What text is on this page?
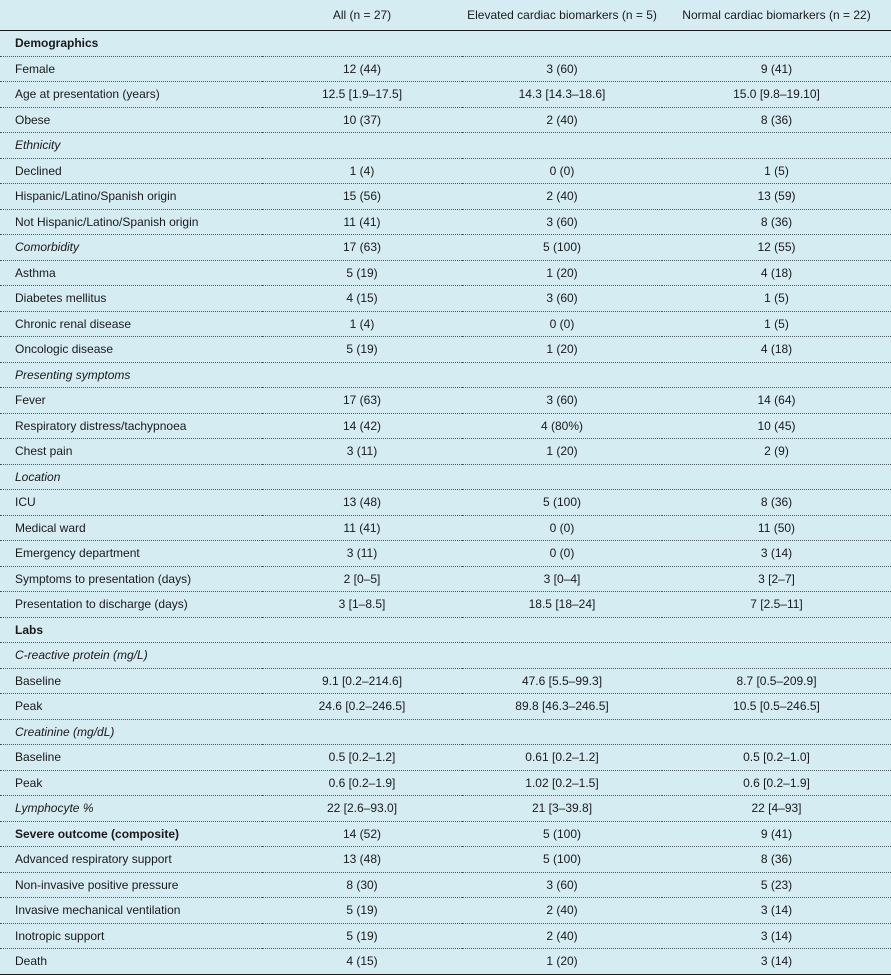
	All (n = 27)	Elevated cardiac biomarkers (n = 5)	Normal cardiac biomarkers (n = 22)
Demographics			
Female	12 (44)	3 (60)	9 (41)
Age at presentation (years)	12.5 [1.9–17.5]	14.3 [14.3–18.6]	15.0 [9.8–19.10]
Obese	10 (37)	2 (40)	8 (36)
Ethnicity			
Declined	1 (4)	0 (0)	1 (5)
Hispanic/Latino/Spanish origin	15 (56)	2 (40)	13 (59)
Not Hispanic/Latino/Spanish origin	11 (41)	3 (60)	8 (36)
Comorbidity	17 (63)	5 (100)	12 (55)
Asthma	5 (19)	1 (20)	4 (18)
Diabetes mellitus	4 (15)	3 (60)	1 (5)
Chronic renal disease	1 (4)	0 (0)	1 (5)
Oncologic disease	5 (19)	1 (20)	4 (18)
Presenting symptoms			
Fever	17 (63)	3 (60)	14 (64)
Respiratory distress/tachypnoea	14 (42)	4 (80%)	10 (45)
Chest pain	3 (11)	1 (20)	2 (9)
Location			
ICU	13 (48)	5 (100)	8 (36)
Medical ward	11 (41)	0 (0)	11 (50)
Emergency department	3 (11)	0 (0)	3 (14)
Symptoms to presentation (days)	2 [0–5]	3 [0–4]	3 [2–7]
Presentation to discharge (days)	3 [1–8.5]	18.5 [18–24]	7 [2.5–11]
Labs			
C-reactive protein (mg/L)			
Baseline	9.1 [0.2–214.6]	47.6 [5.5–99.3]	8.7 [0.5–209.9]
Peak	24.6 [0.2–246.5]	89.8 [46.3–246.5]	10.5 [0.5–246.5]
Creatinine (mg/dL)			
Baseline	0.5 [0.2–1.2]	0.61 [0.2–1.2]	0.5 [0.2–1.0]
Peak	0.6 [0.2–1.9]	1.02 [0.2–1.5]	0.6 [0.2–1.9]
Lymphocyte %	22 [2.6–93.0]	21 [3–39.8]	22 [4–93]
Severe outcome (composite)	14 (52)	5 (100)	9 (41)
Advanced respiratory support	13 (48)	5 (100)	8 (36)
Non-invasive positive pressure	8 (30)	3 (60)	5 (23)
Invasive mechanical ventilation	5 (19)	2 (40)	3 (14)
Inotropic support	5 (19)	2 (40)	3 (14)
Death	4 (15)	1 (20)	3 (14)
